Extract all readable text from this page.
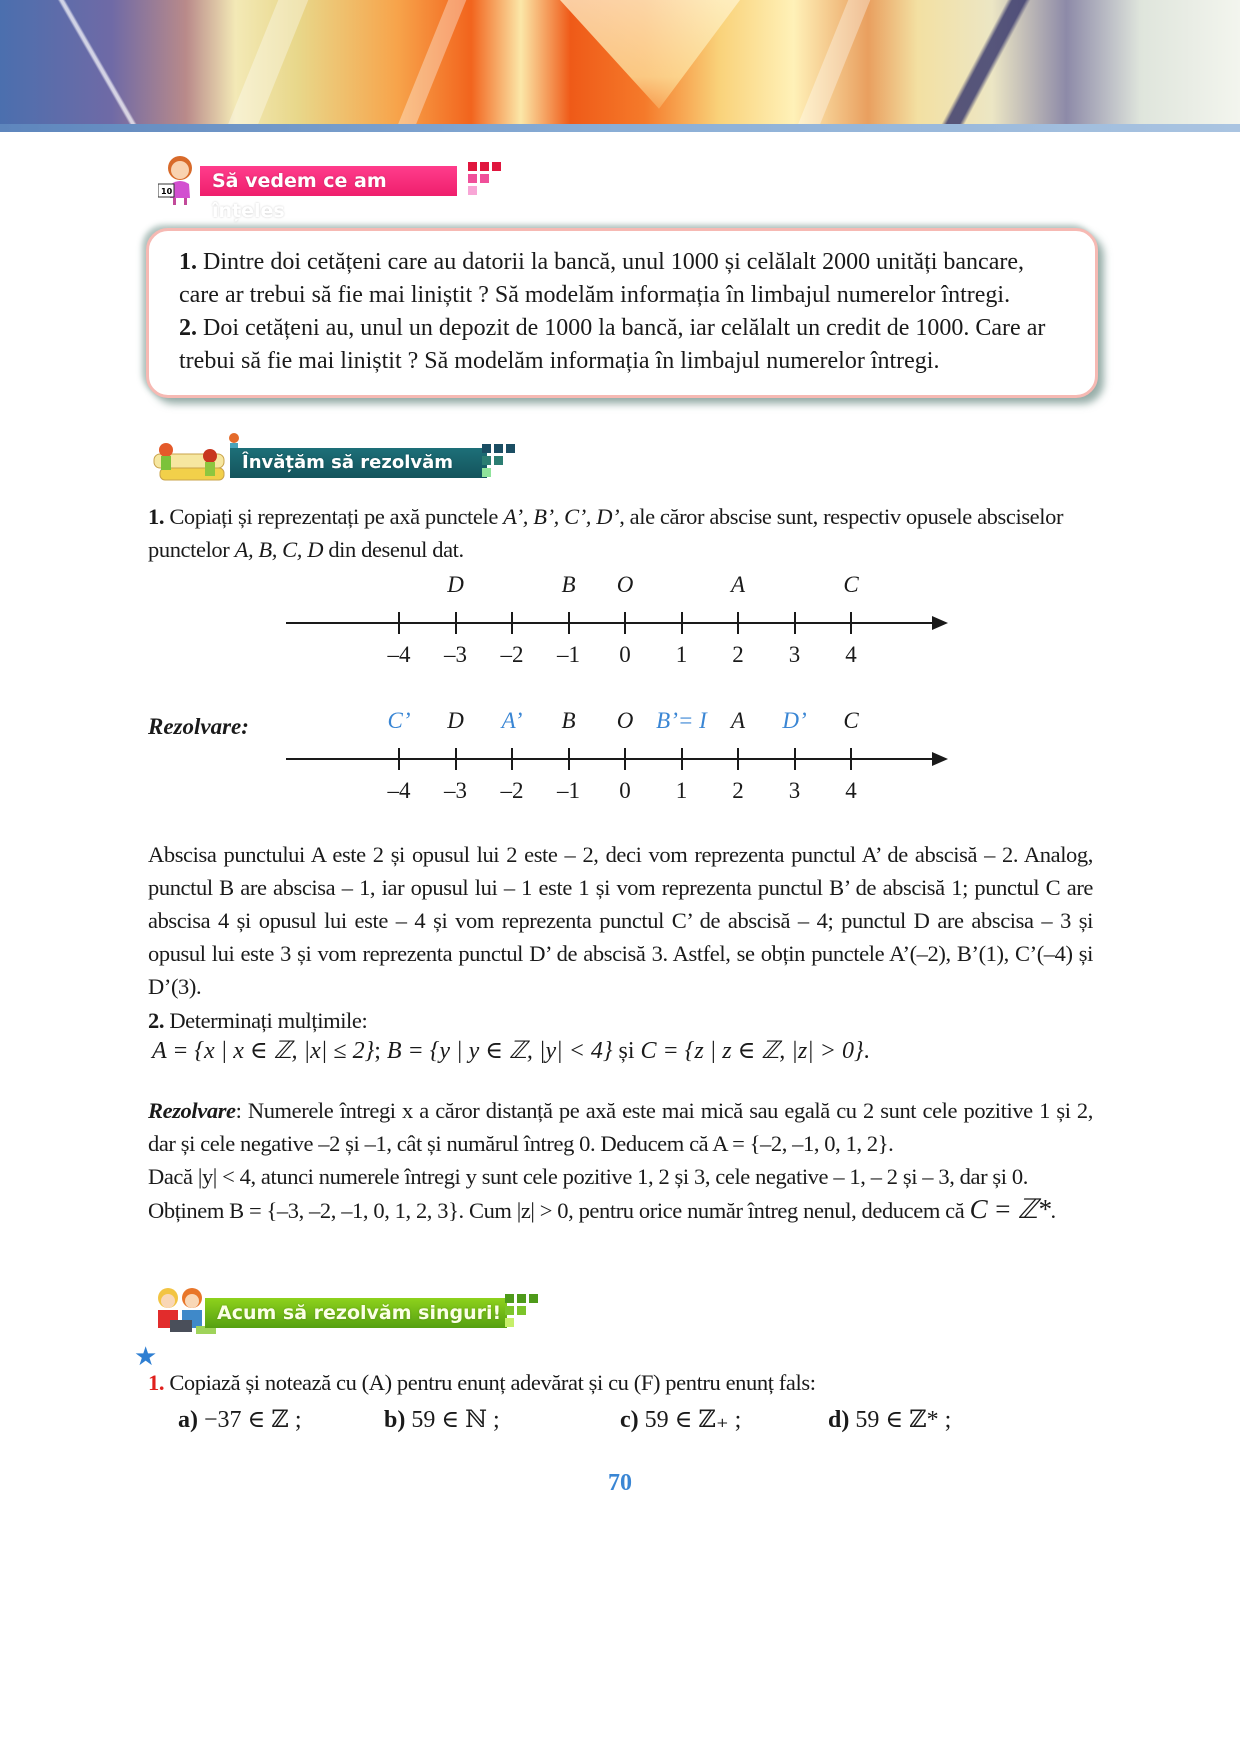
10	Să vedem ce am înțeles

1. Dintre doi cetățeni care au datorii la bancă, unul 1000 și celălalt 2000 unități bancare, care ar trebui să fie mai liniștit ? Să modelăm informația în limbajul numerelor întregi.

2. Doi cetățeni au, unul un depozit de 1000 la bancă, iar celălalt un credit de 1000. Care ar trebui să fie mai liniștit ? Să modelăm informația în limbajul numerelor întregi.

Învățăm să rezolvăm

1. Copiați și reprezentați pe axă punctele A’, B’, C’, D’, ale căror abscise sunt, respectiv opusele absciselor punctelor A, B, C, D din desenul dat.

–4	–3	–2	–1	0	1	2	3	4
D	B	O	A	C
Rezolvare:
–4	–3	–2	–1	0	1	2	3	4
C’	D	A’	B	O B’= I	A	D’	C

Abscisa punctului A este 2 și opusul lui 2 este – 2, deci vom reprezenta punctul A’ de abscisă – 2. Analog, punctul B are abscisa – 1, iar opusul lui – 1 este 1 și vom reprezenta punctul B’ de abscisă 1; punctul C are abscisa 4 și opusul lui este – 4 și vom reprezenta punctul C’ de abscisă – 4; punctul D are abscisa – 3 și opusul lui este 3 și vom reprezenta punctul D’ de abscisă 3. Astfel, se obțin punctele A’(–2), B’(1), C’(–4) și D’(3).

2. Determinați mulțimile:

A = {x | x ∈ ℤ, |x| ≤ 2}; B = {y | y ∈ ℤ, |y| < 4} și C = {z | z ∈ ℤ, |z| > 0}.

Rezolvare: Numerele întregi x a căror distanță pe axă este mai mică sau egală cu 2 sunt cele pozitive 1 și 2, dar și cele negative –2 și –1, cât și numărul întreg 0. Deducem că A = {–2, –1, 0, 1, 2}.

Dacă |y| < 4, atunci numerele întregi y sunt cele pozitive 1, 2 și 3, cele negative – 1, – 2 și – 3, dar și 0.

Obținem B = {–3, –2, –1, 0, 1, 2, 3}. Cum |z| > 0, pentru orice număr întreg nenul, deducem că C = ℤ*.

Acum să rezolvăm singuri!
★

1. Copiază și notează cu (A) pentru enunț adevărat și cu (F) pentru enunț fals:

a) −37 ∈ ℤ ;	b) 59 ∈ ℕ ;	c) 59 ∈ ℤ₊ ;	d) 59 ∈ ℤ* ;
70
